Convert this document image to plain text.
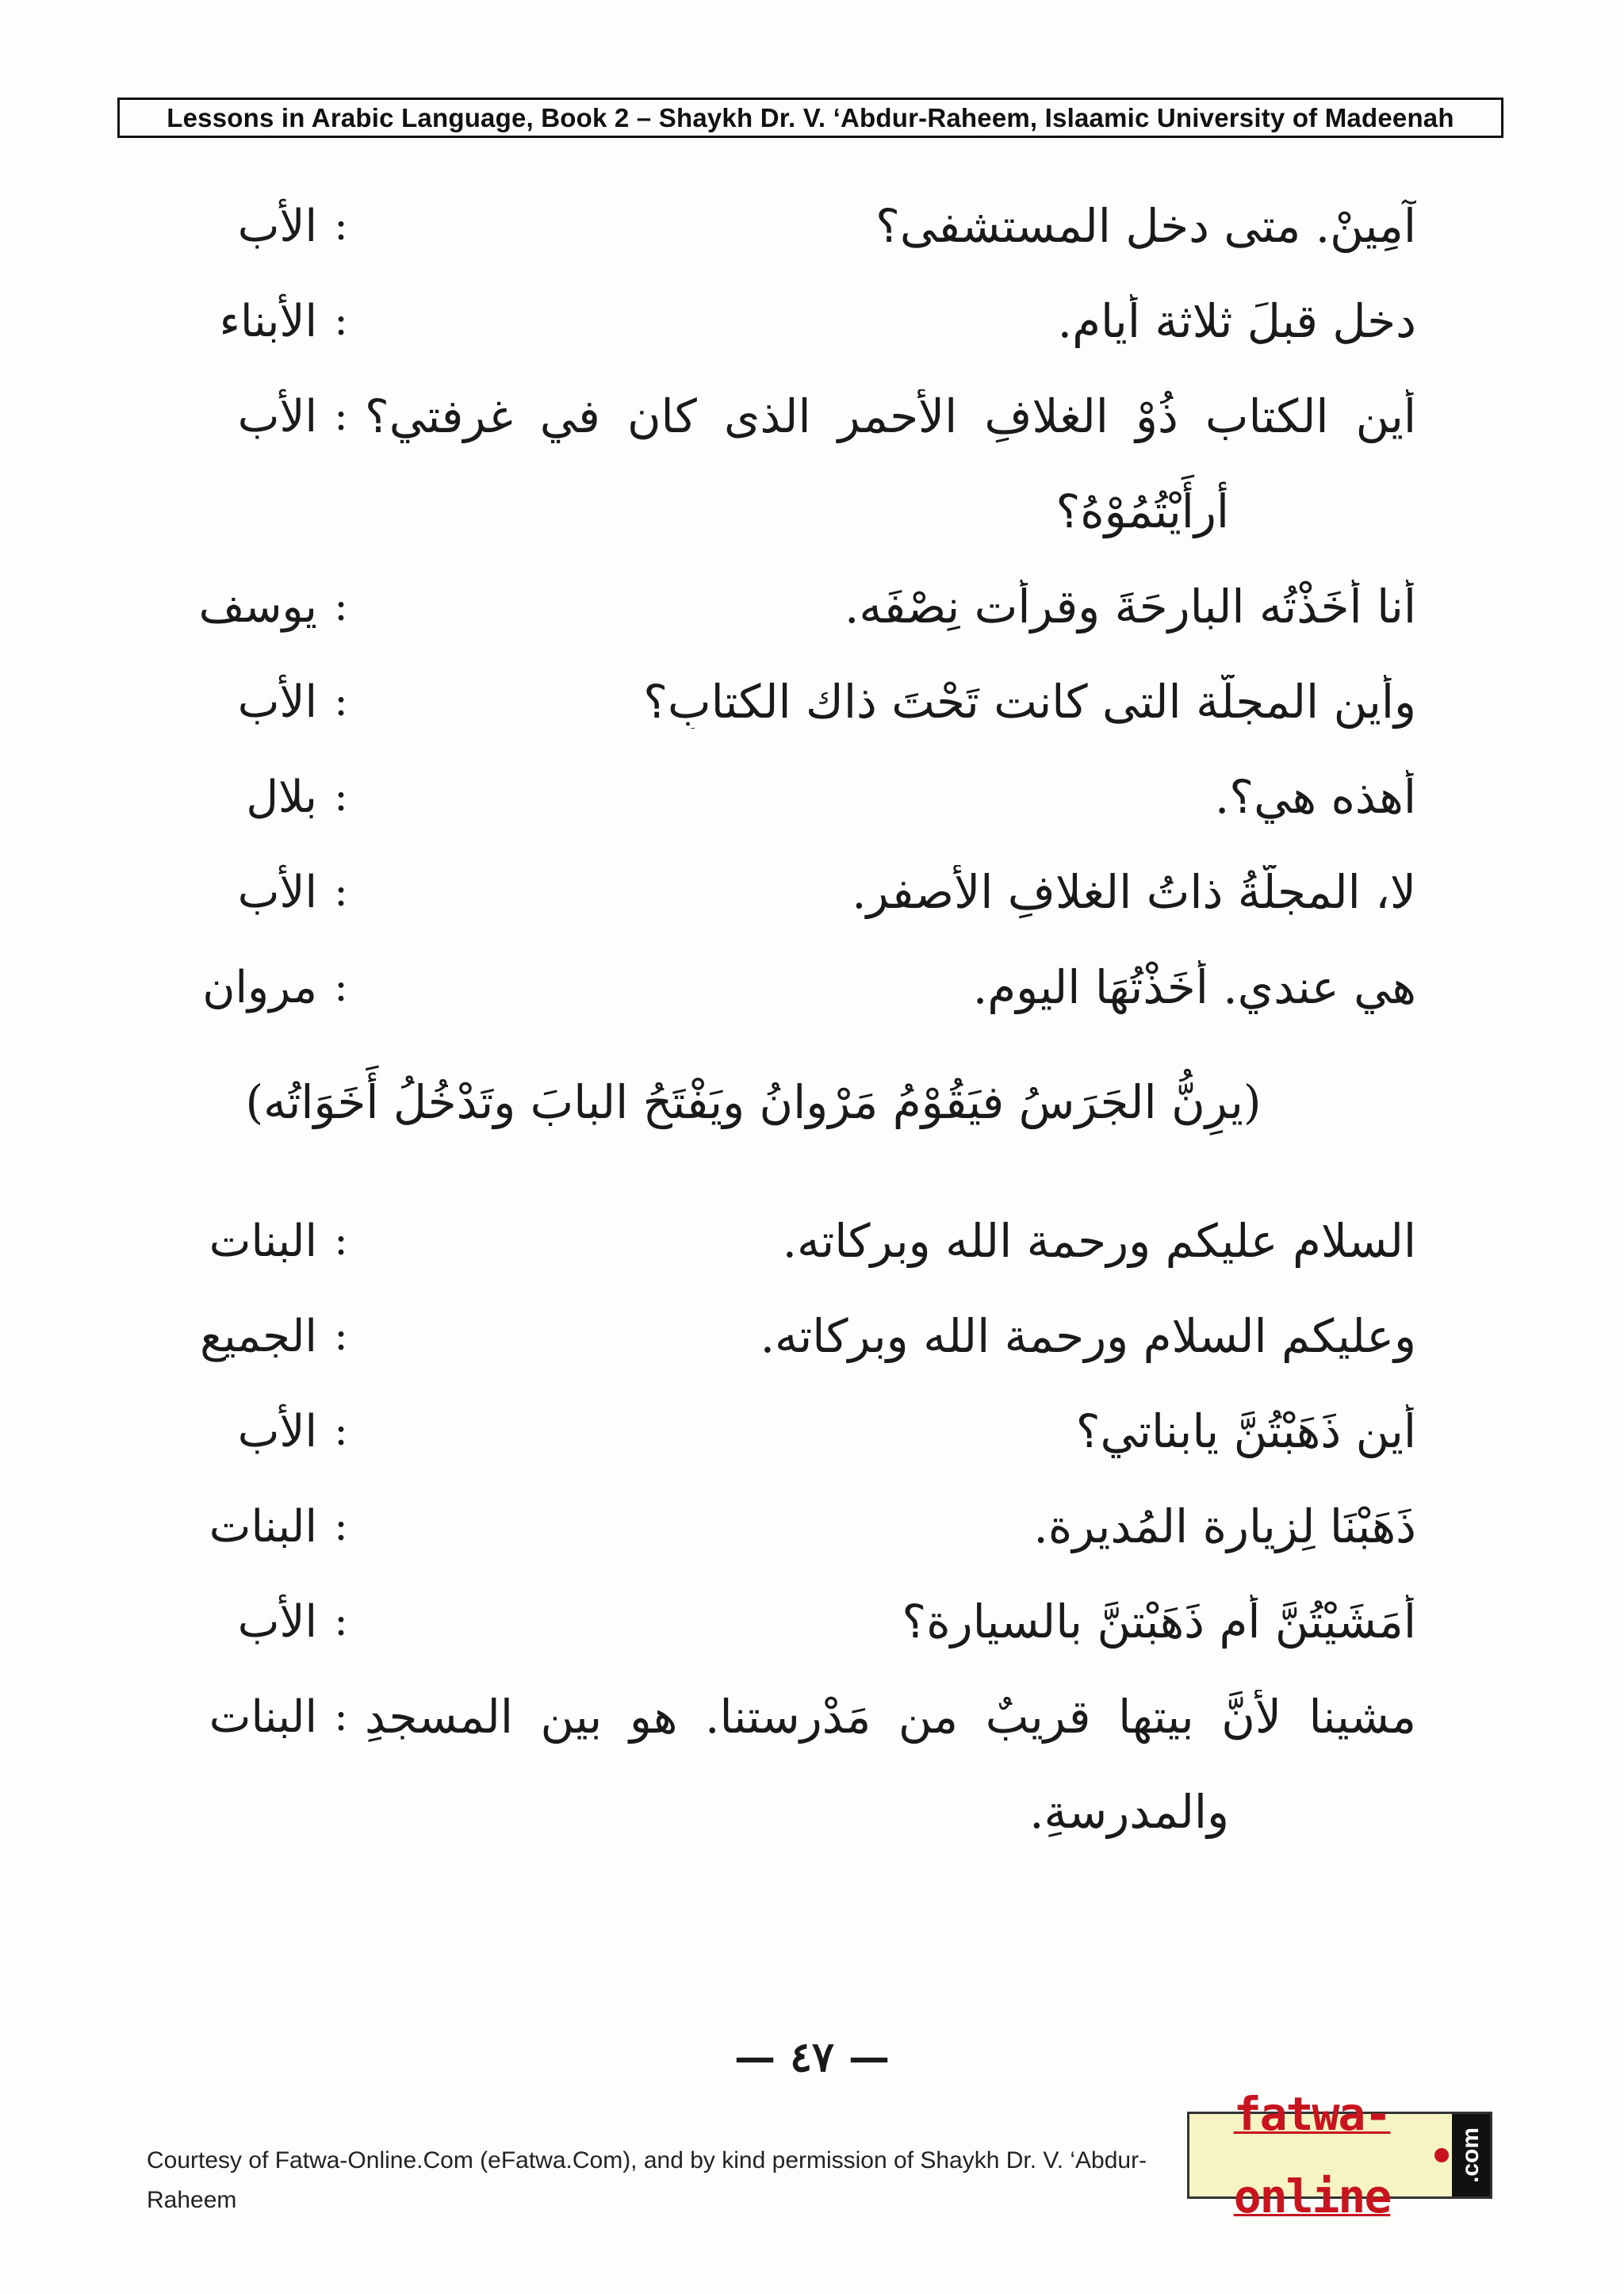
Lessons in Arabic Language, Book 2 – Shaykh Dr. V. ‘Abdur-Raheem, Islaamic University of Madeenah
الأب :	آمِينْ. متى دخل المستشفى؟
الأبناء :	دخل قبلَ ثلاثة أيام.
الأب : أين الكتاب ذُوْ الغلافِ الأحمرِ الذى كان في غرفتي؟
أرأَيْتُمُوْهُ؟
يوسف :	أنا أخَذْتُه البارِحَةَ وقرأت نِصْفَه.
الأب :	وأين المجلّة التى كانت تَحْتَ ذاك الكتابِ؟
بلال :	أهذه هي؟.
الأب :	لا، المجلّةُ ذاتُ الغلافِ الأصفرِ.
مروان :	هي عندي. أَخَذْتُهَا اليوم.
(يرِنُّ الجَرَسُ فيَقُوْمُ مَرْوانُ ويَفْتَحُ البابَ وتَدْخُلُ أَخَوَاتُه)
البنات :	السلام عليكم ورحمة الله وبركاته.
الجميع :	وعليكم السلام ورحمة الله وبركاته.
الأب :	أين ذَهَبْتُنَّ يابناتي؟
البنات :	ذَهَبْنَا لِزيارة المُديرة.
الأب :	أمَشَيْتُنَّ أم ذَهَبْتنَّ بالسيارة؟
البنات : مشينا لأنَّ بيتها قريبٌ من مَدْرستنا. هو بين المسجدِ
والمدرسةِ.
— ٤٧ —
Courtesy of Fatwa-Online.Com (eFatwa.Com), and by kind permission of Shaykh Dr. V. ‘Abdur-Raheem
fatwa-online
.com
